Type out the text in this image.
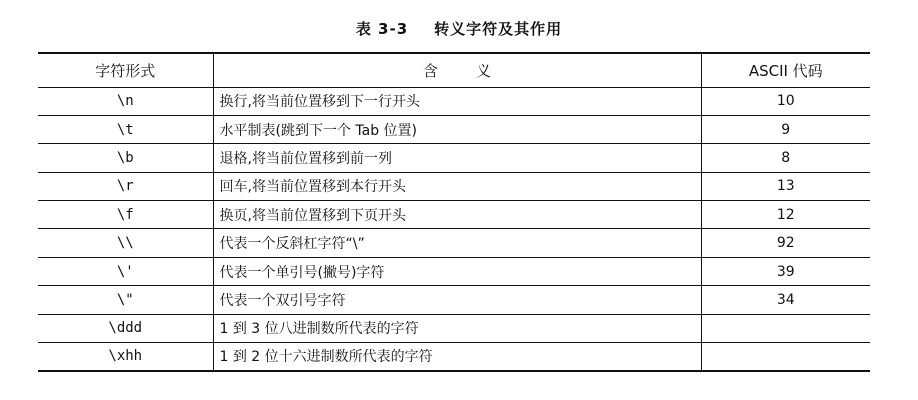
表 3-3 转义字符及其作用
字符形式	含义	ASCII 代码
\n	换行,将当前位置移到下一行开头	10
\t	水平制表(跳到下一个 Tab 位置)	9
\b	退格,将当前位置移到前一列	8
\r	回车,将当前位置移到本行开头	13
\f	换页,将当前位置移到下页开头	12
\\	代表一个反斜杠字符“\”	92
\'	代表一个单引号(撇号)字符	39
\"	代表一个双引号字符	34
\ddd	1 到 3 位八进制数所代表的字符	
\xhh	1 到 2 位十六进制数所代表的字符	
